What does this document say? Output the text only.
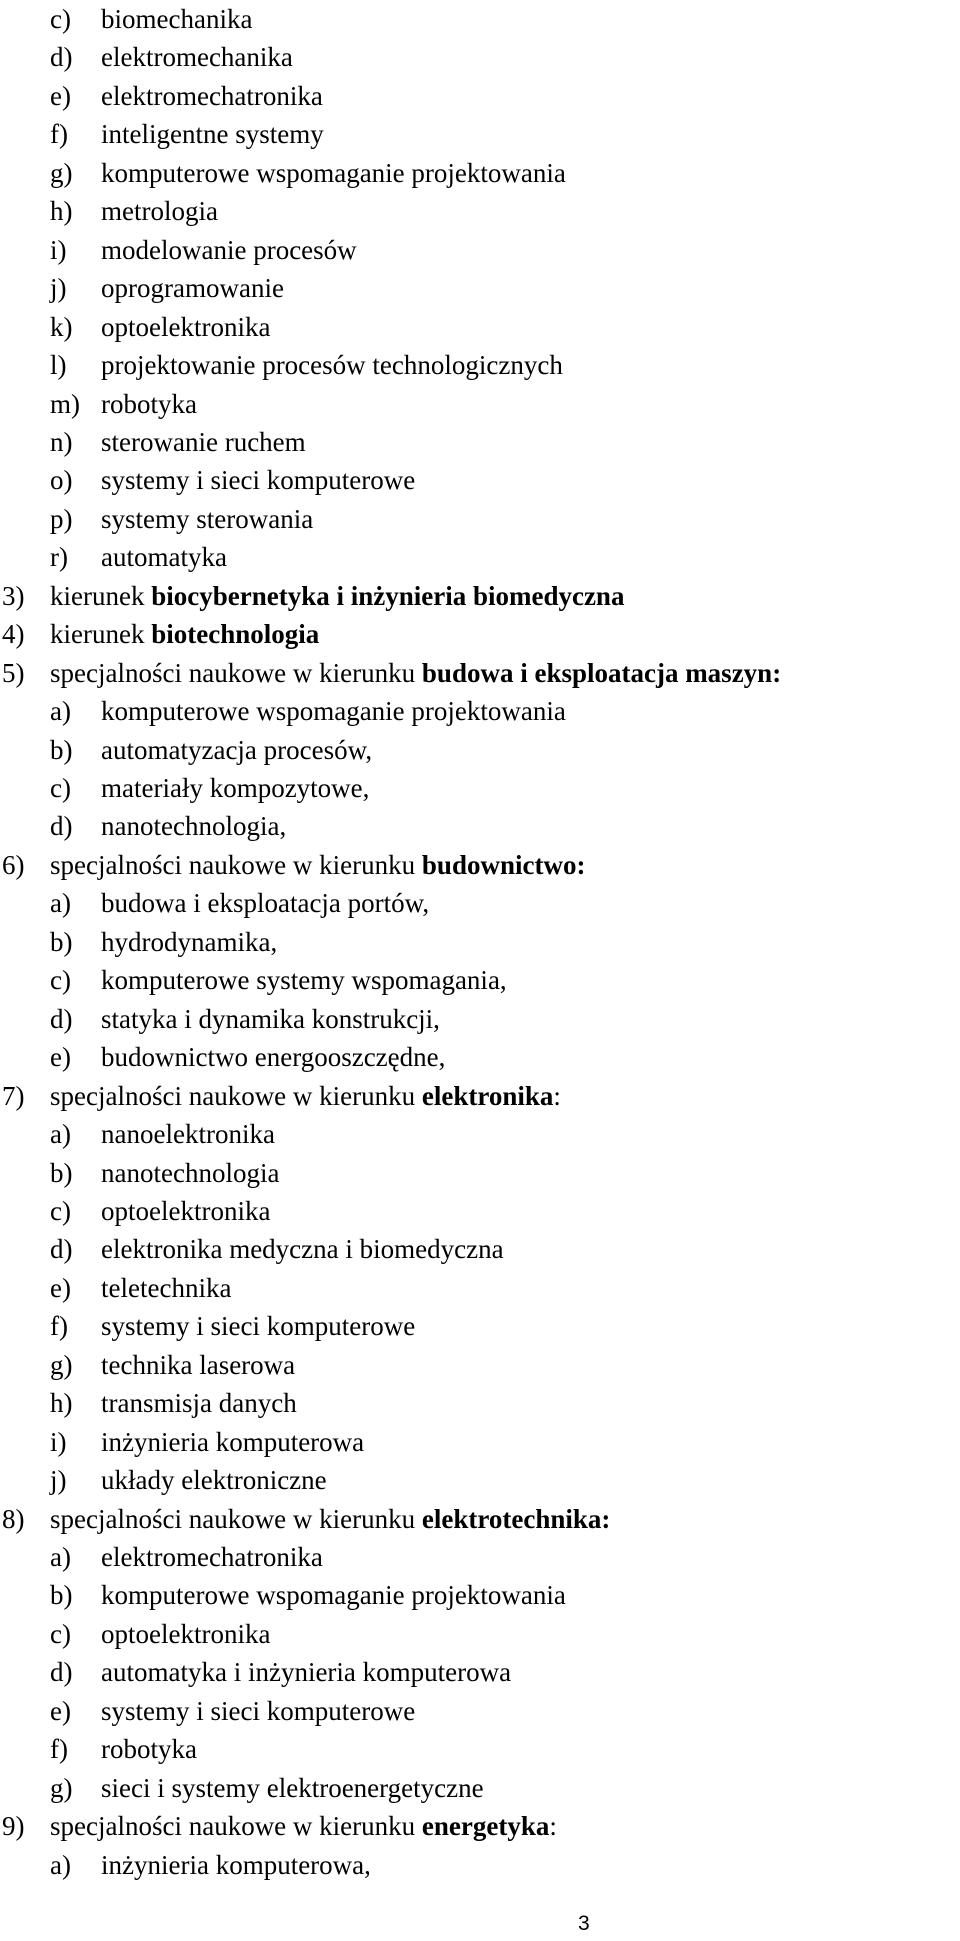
c) biomechanika
d) elektromechanika
e) elektromechatronika
f) inteligentne systemy
g) komputerowe wspomaganie projektowania
h) metrologia
i) modelowanie procesów
j) oprogramowanie
k) optoelektronika
l) projektowanie procesów technologicznych
m) robotyka
n) sterowanie ruchem
o) systemy i sieci komputerowe
p) systemy sterowania
r) automatyka
3) kierunek biocybernetyka i inżynieria biomedyczna
4) kierunek biotechnologia
5) specjalności naukowe w kierunku budowa i eksploatacja maszyn:
a) komputerowe wspomaganie projektowania
b) automatyzacja procesów,
c) materiały kompozytowe,
d) nanotechnologia,
6) specjalności naukowe w kierunku budownictwo:
a) budowa i eksploatacja portów,
b) hydrodynamika,
c) komputerowe systemy wspomagania,
d) statyka i dynamika konstrukcji,
e) budownictwo energooszczędne,
7) specjalności naukowe w kierunku elektronika:
a) nanoelektronika
b) nanotechnologia
c) optoelektronika
d) elektronika medyczna i biomedyczna
e) teletechnika
f) systemy i sieci komputerowe
g) technika laserowa
h) transmisja danych
i) inżynieria komputerowa
j) układy elektroniczne
8) specjalności naukowe w kierunku elektrotechnika:
a) elektromechatronika
b) komputerowe wspomaganie projektowania
c) optoelektronika
d) automatyka i inżynieria komputerowa
e) systemy i sieci komputerowe
f) robotyka
g) sieci i systemy elektroenergetyczne
9) specjalności naukowe w kierunku energetyka:
a) inżynieria komputerowa,
3
